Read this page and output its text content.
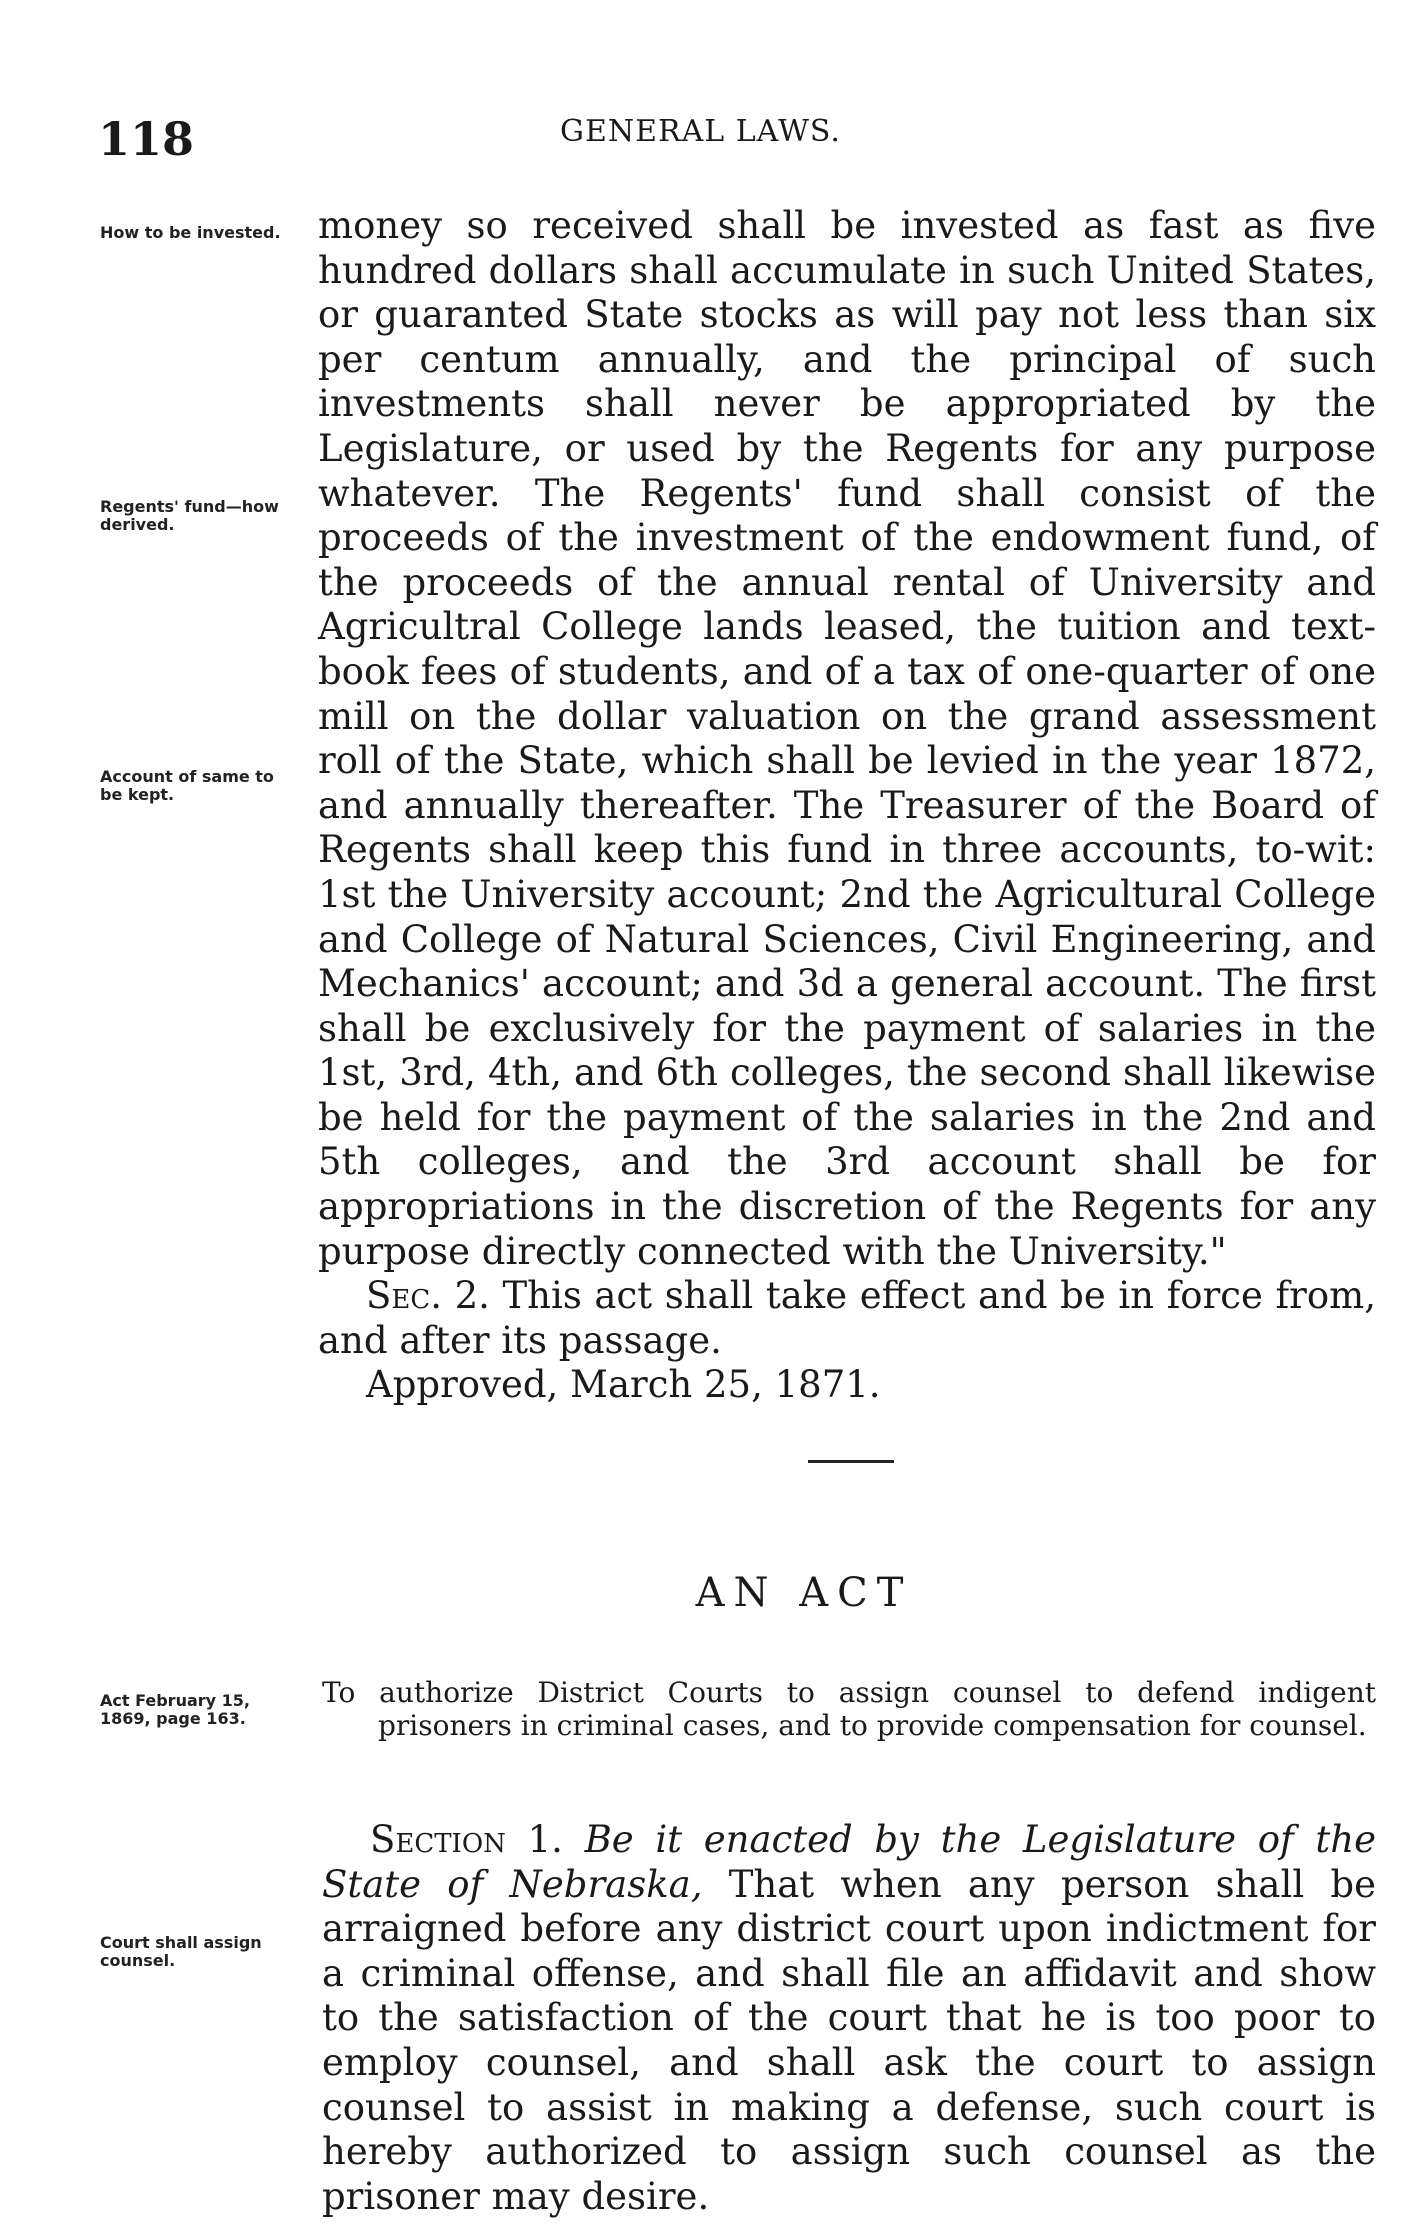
118	GENERAL LAWS.
How to be invested.
Regents' fund—how derived.
Account of same to be kept.

money so received shall be invested as fast as five hundred dollars shall accumulate in such United States, or guaranted State stocks as will pay not less than six per centum annually, and the principal of such investments shall never be appropriated by the Legislature, or used by the Regents for any purpose whatever. The Regents' fund shall consist of the proceeds of the investment of the endowment fund, of the proceeds of the annual rental of University and Agricultral College lands leased, the tuition and text-book fees of students, and of a tax of one-quarter of one mill on the dollar valuation on the grand assessment roll of the State, which shall be levied in the year 1872, and annually thereafter. The Treasurer of the Board of Regents shall keep this fund in three accounts, to-wit: 1st the University account; 2nd the Agricultural College and College of Natural Sciences, Civil Engineering, and Mechanics' account; and 3d a general account. The first shall be exclusively for the payment of salaries in the 1st, 3rd, 4th, and 6th colleges, the second shall likewise be held for the payment of the salaries in the 2nd and 5th colleges, and the 3rd account shall be for appropriations in the discretion of the Regents for any purpose directly connected with the University."

Sec. 2. This act shall take effect and be in force from, and after its passage.

Approved, March 25, 1871.

AN ACT
Act February 15, 1869, page 163.
To authorize District Courts to assign counsel to defend indigent prisoners in criminal cases, and to provide compensation for counsel.
Court shall assign counsel.

Section 1. Be it enacted by the Legislature of the State of Nebraska, That when any person shall be arraigned before any district court upon indictment for a criminal offense, and shall file an affidavit and show to the satisfaction of the court that he is too poor to employ counsel, and shall ask the court to assign counsel to assist in making a defense, such court is hereby authorized to assign such counsel as the prisoner may desire.
